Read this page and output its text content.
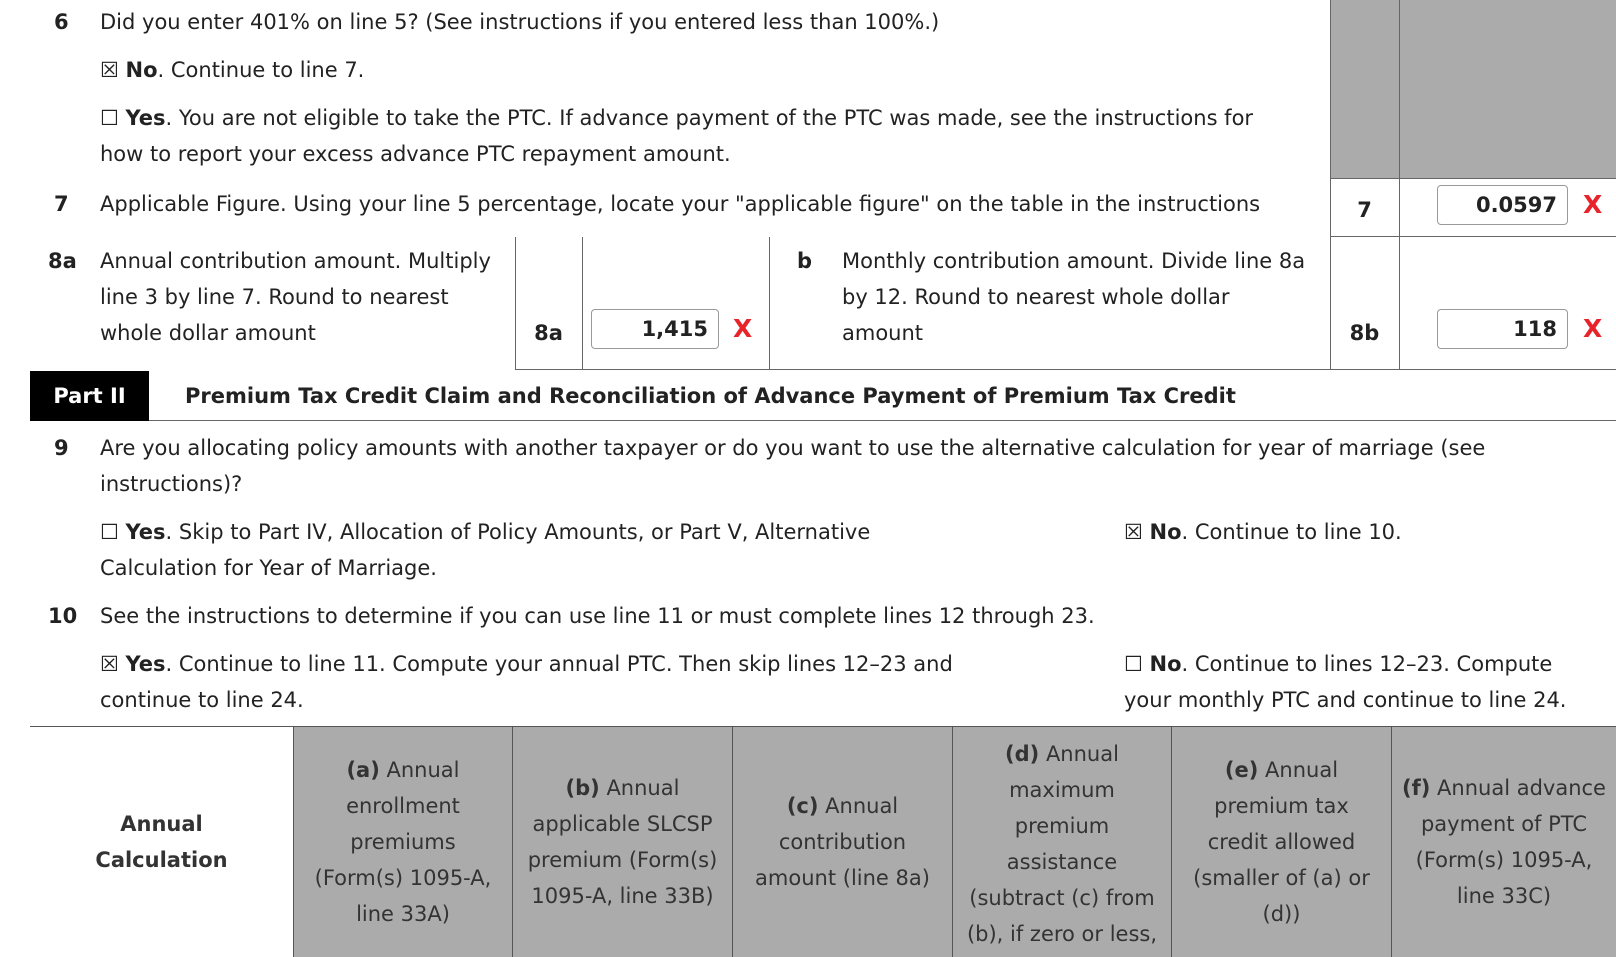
6 Did you enter 401% on line 5? (See instructions if you entered less than 100%.)
☒ No. Continue to line 7.
☐ Yes. You are not eligible to take the PTC. If advance payment of the PTC was made, see the instructions for
how to report your excess advance PTC repayment amount.
7 Applicable Figure. Using your line 5 percentage, locate your "applicable figure" on the table in the instructions	7	0.0597	X
8a Annual contribution amount. Multiply
line 3 by line 7. Round to nearest
whole dollar amount	8a	1,415	X
b Monthly contribution amount. Divide line 8a
by 12. Round to nearest whole dollar
amount	8b	118	X
Part II	Premium Tax Credit Claim and Reconciliation of Advance Payment of Premium Tax Credit
9 Are you allocating policy amounts with another taxpayer or do you want to use the alternative calculation for year of marriage (see
instructions)?
☐ Yes. Skip to Part IV, Allocation of Policy Amounts, or Part V, Alternative
Calculation for Year of Marriage.
☒ No. Continue to line 10.
10 See the instructions to determine if you can use line 11 or must complete lines 12 through 23.
☒ Yes. Continue to line 11. Compute your annual PTC. Then skip lines 12–23 and
continue to line 24.
☐ No. Continue to lines 12–23. Compute
your monthly PTC and continue to line 24.
Annual
Calculation
(a) Annual
enrollment
premiums
(Form(s) 1095-A,
line 33A)
(b) Annual
applicable SLCSP
premium (Form(s)
1095-A, line 33B)
(c) Annual
contribution
amount (line 8a)
(d) Annual
maximum
premium
assistance
(subtract (c) from
(b), if zero or less,
(e) Annual
premium tax
credit allowed
(smaller of (a) or
(d))
(f) Annual advance
payment of PTC
(Form(s) 1095-A,
line 33C)
